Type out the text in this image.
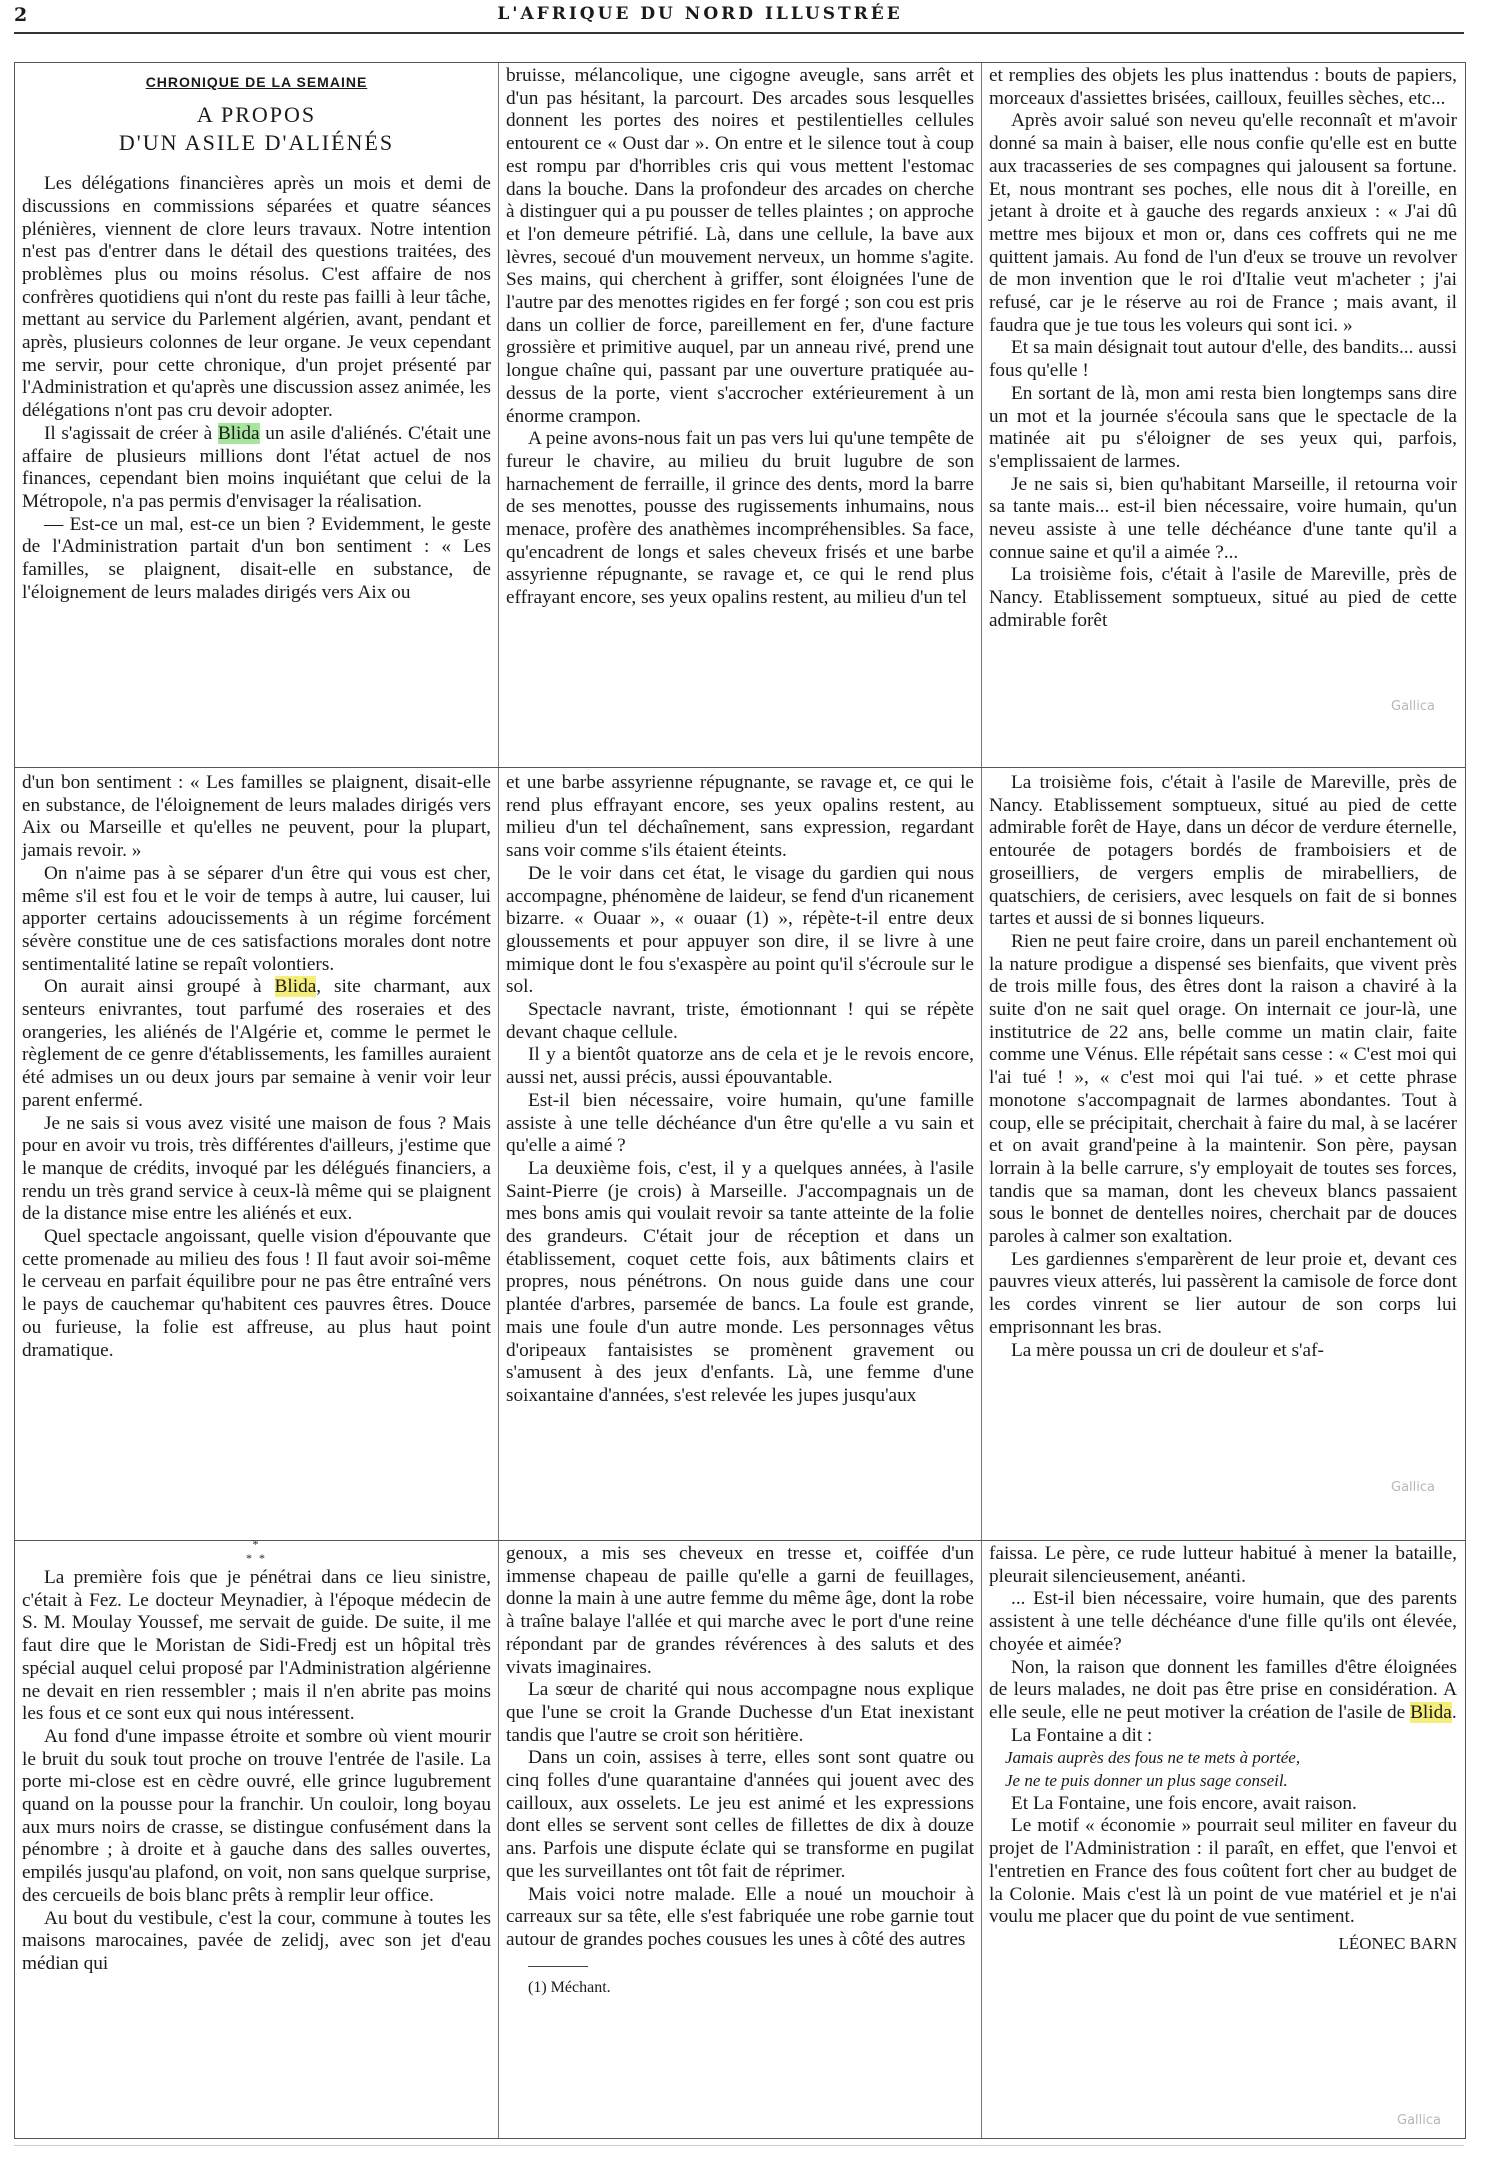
2	L'AFRIQUE DU NORD ILLUSTRÉE
CHRONIQUE DE LA SEMAINE
A PROPOS
D'UN ASILE D'ALIÉNÉS

Les délégations financières après un mois et demi de discussions en commissions séparées et quatre séances plénières, viennent de clore leurs travaux. Notre intention n'est pas d'entrer dans le détail des questions traitées, des problèmes plus ou moins résolus. C'est affaire de nos confrères quotidiens qui n'ont du reste pas failli à leur tâche, mettant au service du Parlement algérien, avant, pendant et après, plusieurs colonnes de leur organe. Je veux cependant me servir, pour cette chronique, d'un projet présenté par l'Administration et qu'après une discussion assez animée, les délégations n'ont pas cru devoir adopter.

Il s'agissait de créer à Blida un asile d'aliénés. C'était une affaire de plusieurs millions dont l'état actuel de nos finances, cependant bien moins inquiétant que celui de la Métropole, n'a pas permis d'envisager la réalisation.

— Est-ce un mal, est-ce un bien ? Evidemment, le geste de l'Administration partait d'un bon sentiment : « Les familles, se plaignent, disait-elle en substance, de l'éloignement de leurs malades dirigés vers Aix ou

bruisse, mélancolique, une cigogne aveugle, sans arrêt et d'un pas hésitant, la parcourt. Des arcades sous lesquelles donnent les portes des noires et pestilentielles cellules entourent ce « Oust dar ». On entre et le silence tout à coup est rompu par d'horribles cris qui vous mettent l'estomac dans la bouche. Dans la profondeur des arcades on cherche à distinguer qui a pu pousser de telles plaintes ; on approche et l'on demeure pétrifié. Là, dans une cellule, la bave aux lèvres, secoué d'un mouvement nerveux, un homme s'agite. Ses mains, qui cherchent à griffer, sont éloignées l'une de l'autre par des menottes rigides en fer forgé ; son cou est pris dans un collier de force, pareillement en fer, d'une facture grossière et primitive auquel, par un anneau rivé, prend une longue chaîne qui, passant par une ouverture pratiquée au-dessus de la porte, vient s'accrocher extérieurement à un énorme crampon.

A peine avons-nous fait un pas vers lui qu'une tempête de fureur le chavire, au milieu du bruit lugubre de son harnachement de ferraille, il grince des dents, mord la barre de ses menottes, pousse des rugissements inhumains, nous menace, profère des anathèmes incompréhensibles. Sa face, qu'encadrent de longs et sales cheveux frisés et une barbe assyrienne répugnante, se ravage et, ce qui le rend plus effrayant encore, ses yeux opalins restent, au milieu d'un tel

et remplies des objets les plus inattendus : bouts de papiers, morceaux d'assiettes brisées, cailloux, feuilles sèches, etc...

Après avoir salué son neveu qu'elle reconnaît et m'avoir donné sa main à baiser, elle nous confie qu'elle est en butte aux tracasseries de ses compagnes qui jalousent sa fortune. Et, nous montrant ses poches, elle nous dit à l'oreille, en jetant à droite et à gauche des regards anxieux : « J'ai dû mettre mes bijoux et mon or, dans ces coffrets qui ne me quittent jamais. Au fond de l'un d'eux se trouve un revolver de mon invention que le roi d'Italie veut m'acheter ; j'ai refusé, car je le réserve au roi de France ; mais avant, il faudra que je tue tous les voleurs qui sont ici. »

Et sa main désignait tout autour d'elle, des bandits... aussi fous qu'elle !

En sortant de là, mon ami resta bien longtemps sans dire un mot et la journée s'écoula sans que le spectacle de la matinée ait pu s'éloigner de ses yeux qui, parfois, s'emplissaient de larmes.

Je ne sais si, bien qu'habitant Marseille, il retourna voir sa tante mais... est-il bien nécessaire, voire humain, qu'un neveu assiste à une telle déchéance d'une tante qu'il a connue saine et qu'il a aimée ?...

La troisième fois, c'était à l'asile de Mareville, près de Nancy. Etablissement somptueux, situé au pied de cette admirable forêt

Gallica

d'un bon sentiment : « Les familles se plaignent, disait-elle en substance, de l'éloignement de leurs malades dirigés vers Aix ou Marseille et qu'elles ne peuvent, pour la plupart, jamais revoir. »

On n'aime pas à se séparer d'un être qui vous est cher, même s'il est fou et le voir de temps à autre, lui causer, lui apporter certains adoucissements à un régime forcément sévère constitue une de ces satisfactions morales dont notre sentimentalité latine se repaît volontiers.

On aurait ainsi groupé à Blida, site charmant, aux senteurs enivrantes, tout parfumé des roseraies et des orangeries, les aliénés de l'Algérie et, comme le permet le règlement de ce genre d'établissements, les familles auraient été admises un ou deux jours par semaine à venir voir leur parent enfermé.

Je ne sais si vous avez visité une maison de fous ? Mais pour en avoir vu trois, très différentes d'ailleurs, j'estime que le manque de crédits, invoqué par les délégués financiers, a rendu un très grand service à ceux-là même qui se plaignent de la distance mise entre les aliénés et eux.

Quel spectacle angoissant, quelle vision d'épouvante que cette promenade au milieu des fous ! Il faut avoir soi-même le cerveau en parfait équilibre pour ne pas être entraîné vers le pays de cauchemar qu'habitent ces pauvres êtres. Douce ou furieuse, la folie est affreuse, au plus haut point dramatique.

et une barbe assyrienne répugnante, se ravage et, ce qui le rend plus effrayant encore, ses yeux opalins restent, au milieu d'un tel déchaînement, sans expression, regardant sans voir comme s'ils étaient éteints.

De le voir dans cet état, le visage du gardien qui nous accompagne, phénomène de laideur, se fend d'un ricanement bizarre. « Ouaar », « ouaar (1) », répète-t-il entre deux gloussements et pour appuyer son dire, il se livre à une mimique dont le fou s'exaspère au point qu'il s'écroule sur le sol.

Spectacle navrant, triste, émotionnant ! qui se répète devant chaque cellule.

Il y a bientôt quatorze ans de cela et je le revois encore, aussi net, aussi précis, aussi épouvantable.

Est-il bien nécessaire, voire humain, qu'une famille assiste à une telle déchéance d'un être qu'elle a vu sain et qu'elle a aimé ?

La deuxième fois, c'est, il y a quelques années, à l'asile Saint-Pierre (je crois) à Marseille. J'accompagnais un de mes bons amis qui voulait revoir sa tante atteinte de la folie des grandeurs. C'était jour de réception et dans un établissement, coquet cette fois, aux bâtiments clairs et propres, nous pénétrons. On nous guide dans une cour plantée d'arbres, parsemée de bancs. La foule est grande, mais une foule d'un autre monde. Les personnages vêtus d'oripeaux fantaisistes se promènent gravement ou s'amusent à des jeux d'enfants. Là, une femme d'une soixantaine d'années, s'est relevée les jupes jusqu'aux

La troisième fois, c'était à l'asile de Mareville, près de Nancy. Etablissement somptueux, situé au pied de cette admirable forêt de Haye, dans un décor de verdure éternelle, entourée de potagers bordés de framboisiers et de groseilliers, de vergers emplis de mirabelliers, de quatschiers, de cerisiers, avec lesquels on fait de si bonnes tartes et aussi de si bonnes liqueurs.

Rien ne peut faire croire, dans un pareil enchantement où la nature prodigue a dispensé ses bienfaits, que vivent près de trois mille fous, des êtres dont la raison a chaviré à la suite d'on ne sait quel orage. On internait ce jour-là, une institutrice de 22 ans, belle comme un matin clair, faite comme une Vénus. Elle répétait sans cesse : « C'est moi qui l'ai tué ! », « c'est moi qui l'ai tué. » et cette phrase monotone s'accompagnait de larmes abondantes. Tout à coup, elle se précipitait, cherchait à faire du mal, à se lacérer et on avait grand'peine à la maintenir. Son père, paysan lorrain à la belle carrure, s'y employait de toutes ses forces, tandis que sa maman, dont les cheveux blancs passaient sous le bonnet de dentelles noires, cherchait par de douces paroles à calmer son exaltation.

Les gardiennes s'emparèrent de leur proie et, devant ces pauvres vieux atterés, lui passèrent la camisole de force dont les cordes vinrent se lier autour de son corps lui emprisonnant les bras.

La mère poussa un cri de douleur et s'af-

Gallica
*
* *

La première fois que je pénétrai dans ce lieu sinistre, c'était à Fez. Le docteur Meynadier, à l'époque médecin de S. M. Moulay Youssef, me servait de guide. De suite, il me faut dire que le Moristan de Sidi-Fredj est un hôpital très spécial auquel celui proposé par l'Administration algérienne ne devait en rien ressembler ; mais il n'en abrite pas moins les fous et ce sont eux qui nous intéressent.

Au fond d'une impasse étroite et sombre où vient mourir le bruit du souk tout proche on trouve l'entrée de l'asile. La porte mi-close est en cèdre ouvré, elle grince lugubrement quand on la pousse pour la franchir. Un couloir, long boyau aux murs noirs de crasse, se distingue confusément dans la pénombre ; à droite et à gauche dans des salles ouvertes, empilés jusqu'au plafond, on voit, non sans quelque surprise, des cercueils de bois blanc prêts à remplir leur office.

Au bout du vestibule, c'est la cour, commune à toutes les maisons marocaines, pavée de zelidj, avec son jet d'eau médian qui

genoux, a mis ses cheveux en tresse et, coiffée d'un immense chapeau de paille qu'elle a garni de feuillages, donne la main à une autre femme du même âge, dont la robe à traîne balaye l'allée et qui marche avec le port d'une reine répondant par de grandes révérences à des saluts et des vivats imaginaires.

La sœur de charité qui nous accompagne nous explique que l'une se croit la Grande Duchesse d'un Etat inexistant tandis que l'autre se croit son héritière.

Dans un coin, assises à terre, elles sont sont quatre ou cinq folles d'une quarantaine d'années qui jouent avec des cailloux, aux osselets. Le jeu est animé et les expressions dont elles se servent sont celles de fillettes de dix à douze ans. Parfois une dispute éclate qui se transforme en pugilat que les surveillantes ont tôt fait de réprimer.

Mais voici notre malade. Elle a noué un mouchoir à carreaux sur sa tête, elle s'est fabriquée une robe garnie tout autour de grandes poches cousues les unes à côté des autres

(1) Méchant.

faissa. Le père, ce rude lutteur habitué à mener la bataille, pleurait silencieusement, anéanti.

... Est-il bien nécessaire, voire humain, que des parents assistent à une telle déchéance d'une fille qu'ils ont élevée, choyée et aimée?

Non, la raison que donnent les familles d'être éloignées de leurs malades, ne doit pas être prise en considération. A elle seule, elle ne peut motiver la création de l'asile de Blida.

La Fontaine a dit :

Jamais auprès des fous ne te mets à portée,

Je ne te puis donner un plus sage conseil.

Et La Fontaine, une fois encore, avait raison.

Le motif « économie » pourrait seul militer en faveur du projet de l'Administration : il paraît, en effet, que l'envoi et l'entretien en France des fous coûtent fort cher au budget de la Colonie. Mais c'est là un point de vue matériel et je n'ai voulu me placer que du point de vue sentiment.

LÉONEC BARN

Gallica
